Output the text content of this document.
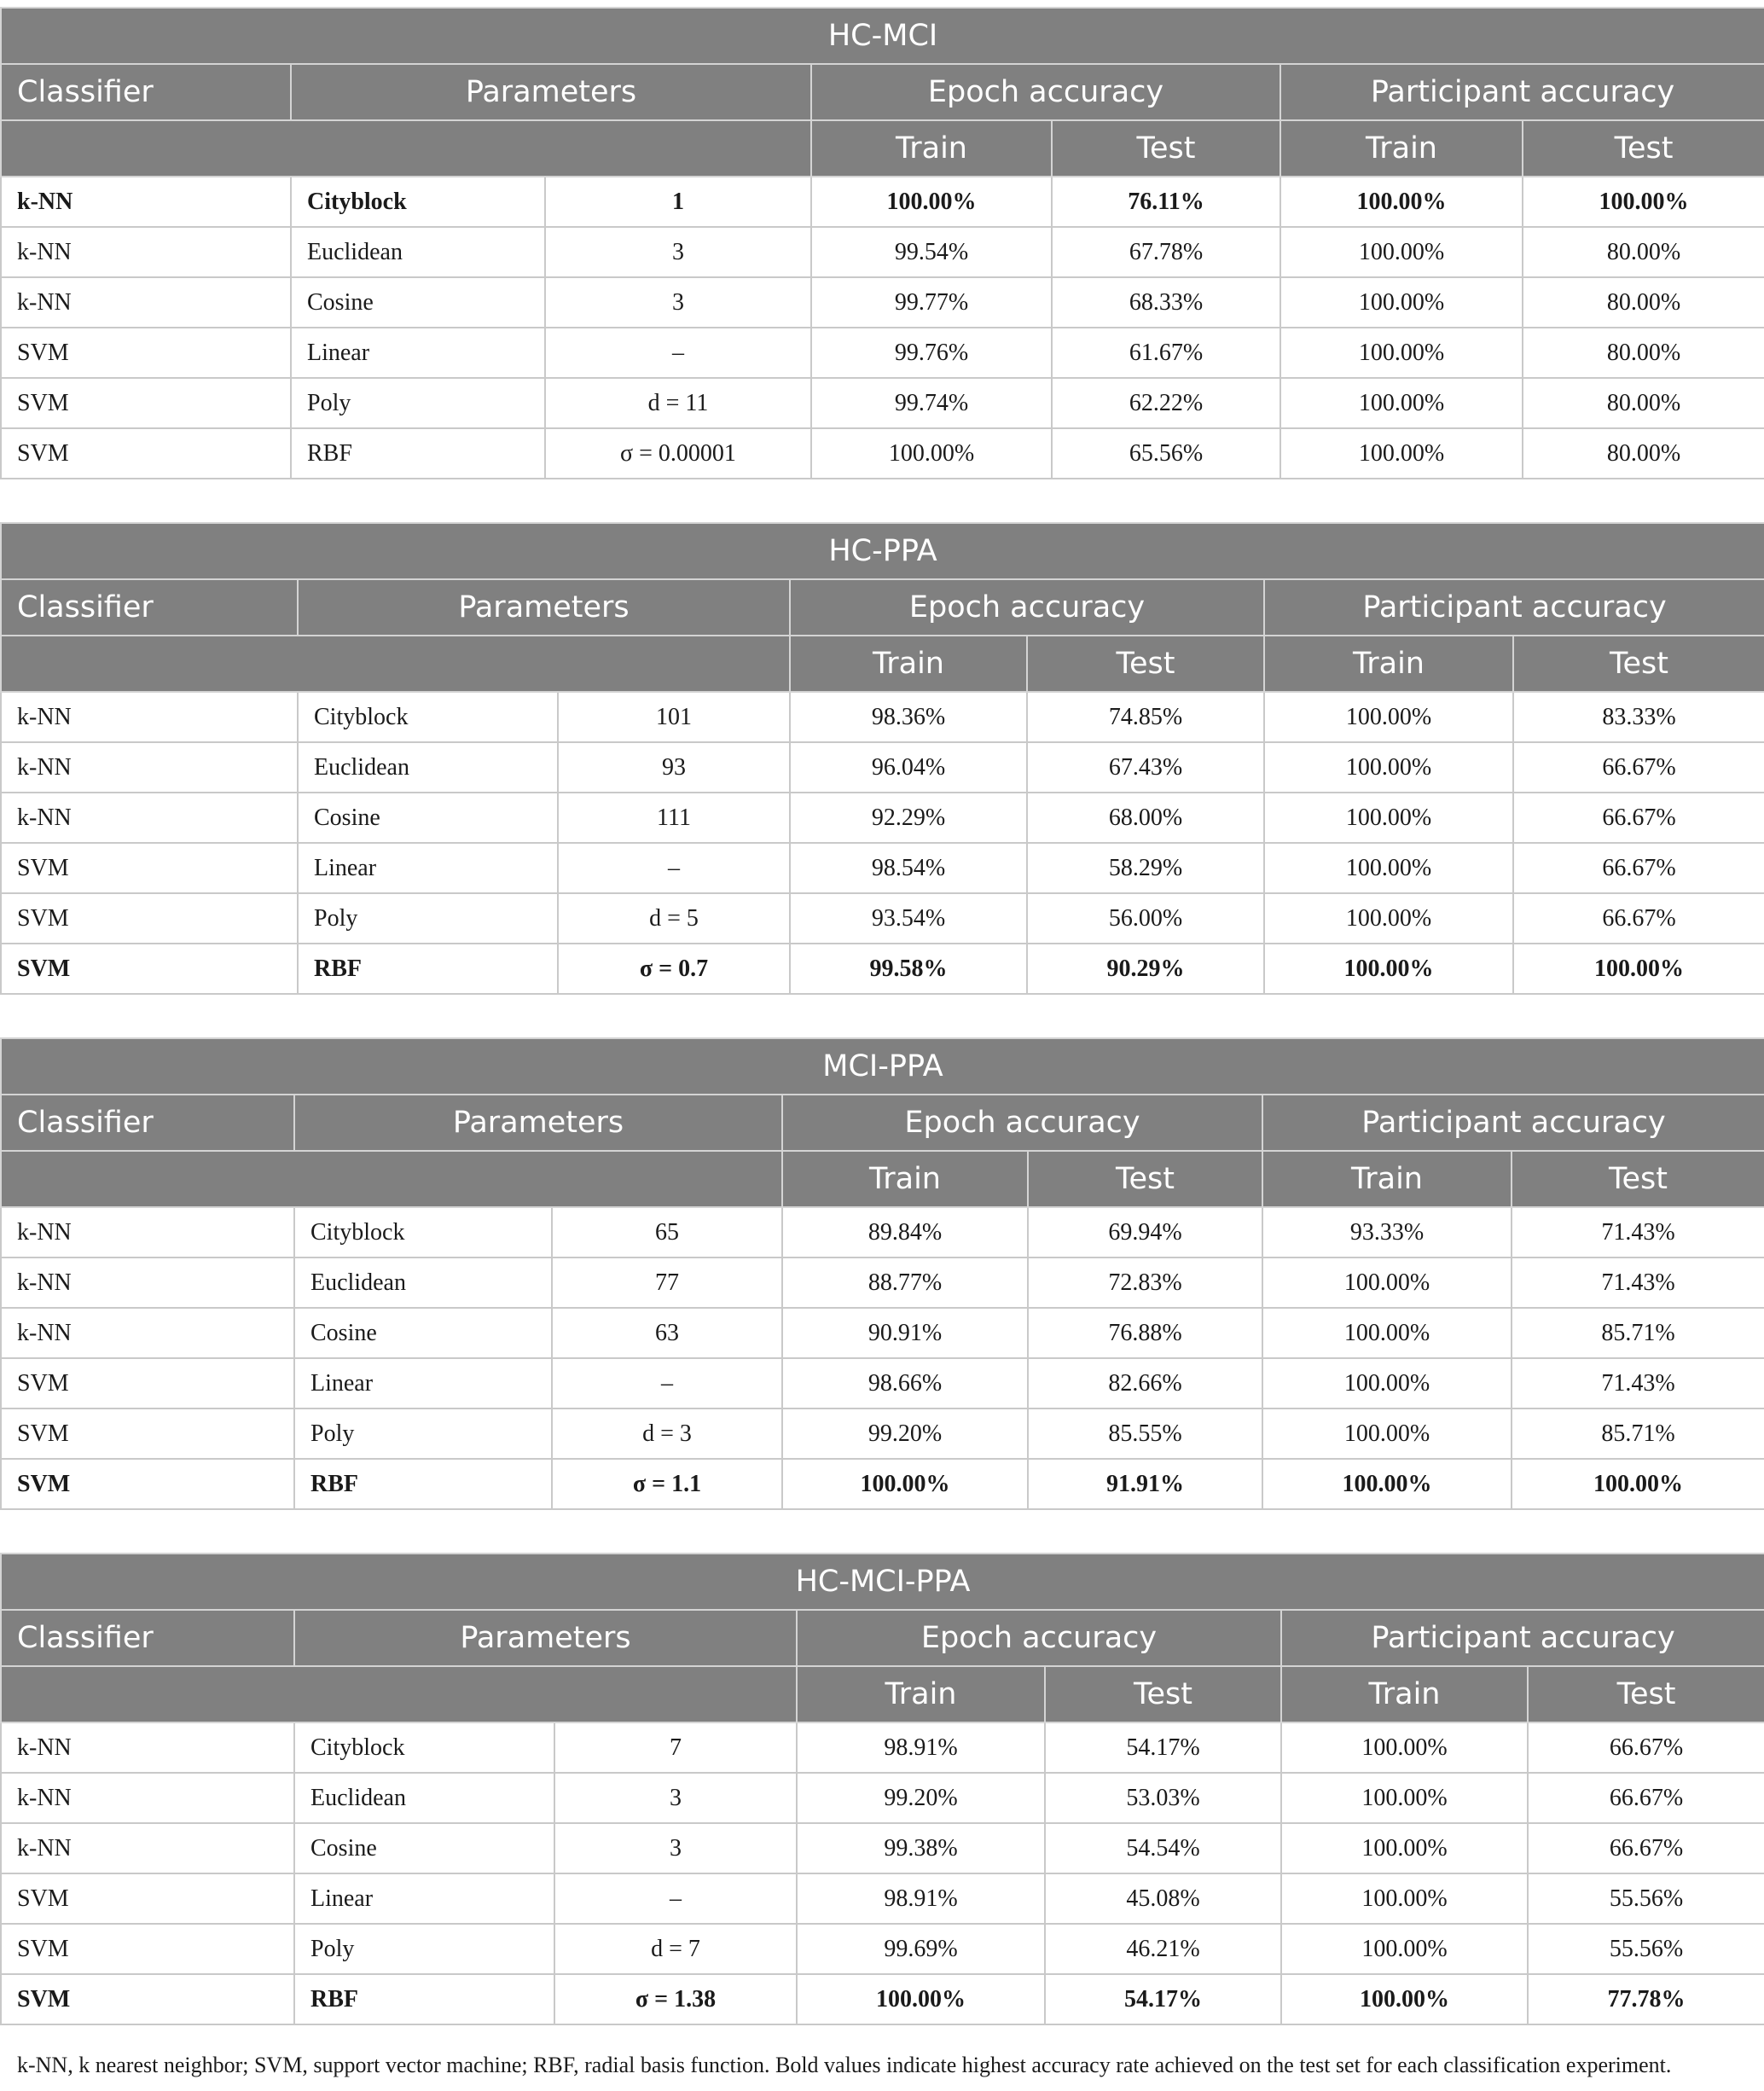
HC-MCI						
Classifier	Parameters		Epoch accuracy		Participant accuracy	
			Train	Test	Train	Test
k-NN	Cityblock	1	100.00%	76.11%	100.00%	100.00%
k-NN	Euclidean	3	99.54%	67.78%	100.00%	80.00%
k-NN	Cosine	3	99.77%	68.33%	100.00%	80.00%
SVM	Linear	–	99.76%	61.67%	100.00%	80.00%
SVM	Poly	d = 11	99.74%	62.22%	100.00%	80.00%
SVM	RBF	σ = 0.00001	100.00%	65.56%	100.00%	80.00%
HC-PPA						
Classifier	Parameters		Epoch accuracy		Participant accuracy	
			Train	Test	Train	Test
k-NN	Cityblock	101	98.36%	74.85%	100.00%	83.33%
k-NN	Euclidean	93	96.04%	67.43%	100.00%	66.67%
k-NN	Cosine	111	92.29%	68.00%	100.00%	66.67%
SVM	Linear	–	98.54%	58.29%	100.00%	66.67%
SVM	Poly	d = 5	93.54%	56.00%	100.00%	66.67%
SVM	RBF	σ = 0.7	99.58%	90.29%	100.00%	100.00%
MCI-PPA						
Classifier	Parameters		Epoch accuracy		Participant accuracy	
			Train	Test	Train	Test
k-NN	Cityblock	65	89.84%	69.94%	93.33%	71.43%
k-NN	Euclidean	77	88.77%	72.83%	100.00%	71.43%
k-NN	Cosine	63	90.91%	76.88%	100.00%	85.71%
SVM	Linear	–	98.66%	82.66%	100.00%	71.43%
SVM	Poly	d = 3	99.20%	85.55%	100.00%	85.71%
SVM	RBF	σ = 1.1	100.00%	91.91%	100.00%	100.00%
HC-MCI-PPA						
Classifier	Parameters		Epoch accuracy		Participant accuracy	
			Train	Test	Train	Test
k-NN	Cityblock	7	98.91%	54.17%	100.00%	66.67%
k-NN	Euclidean	3	99.20%	53.03%	100.00%	66.67%
k-NN	Cosine	3	99.38%	54.54%	100.00%	66.67%
SVM	Linear	–	98.91%	45.08%	100.00%	55.56%
SVM	Poly	d = 7	99.69%	46.21%	100.00%	55.56%
SVM	RBF	σ = 1.38	100.00%	54.17%	100.00%	77.78%
k-NN, k nearest neighbor; SVM, support vector machine; RBF, radial basis function. Bold values indicate highest accuracy rate achieved on the test set for each classification experiment.
